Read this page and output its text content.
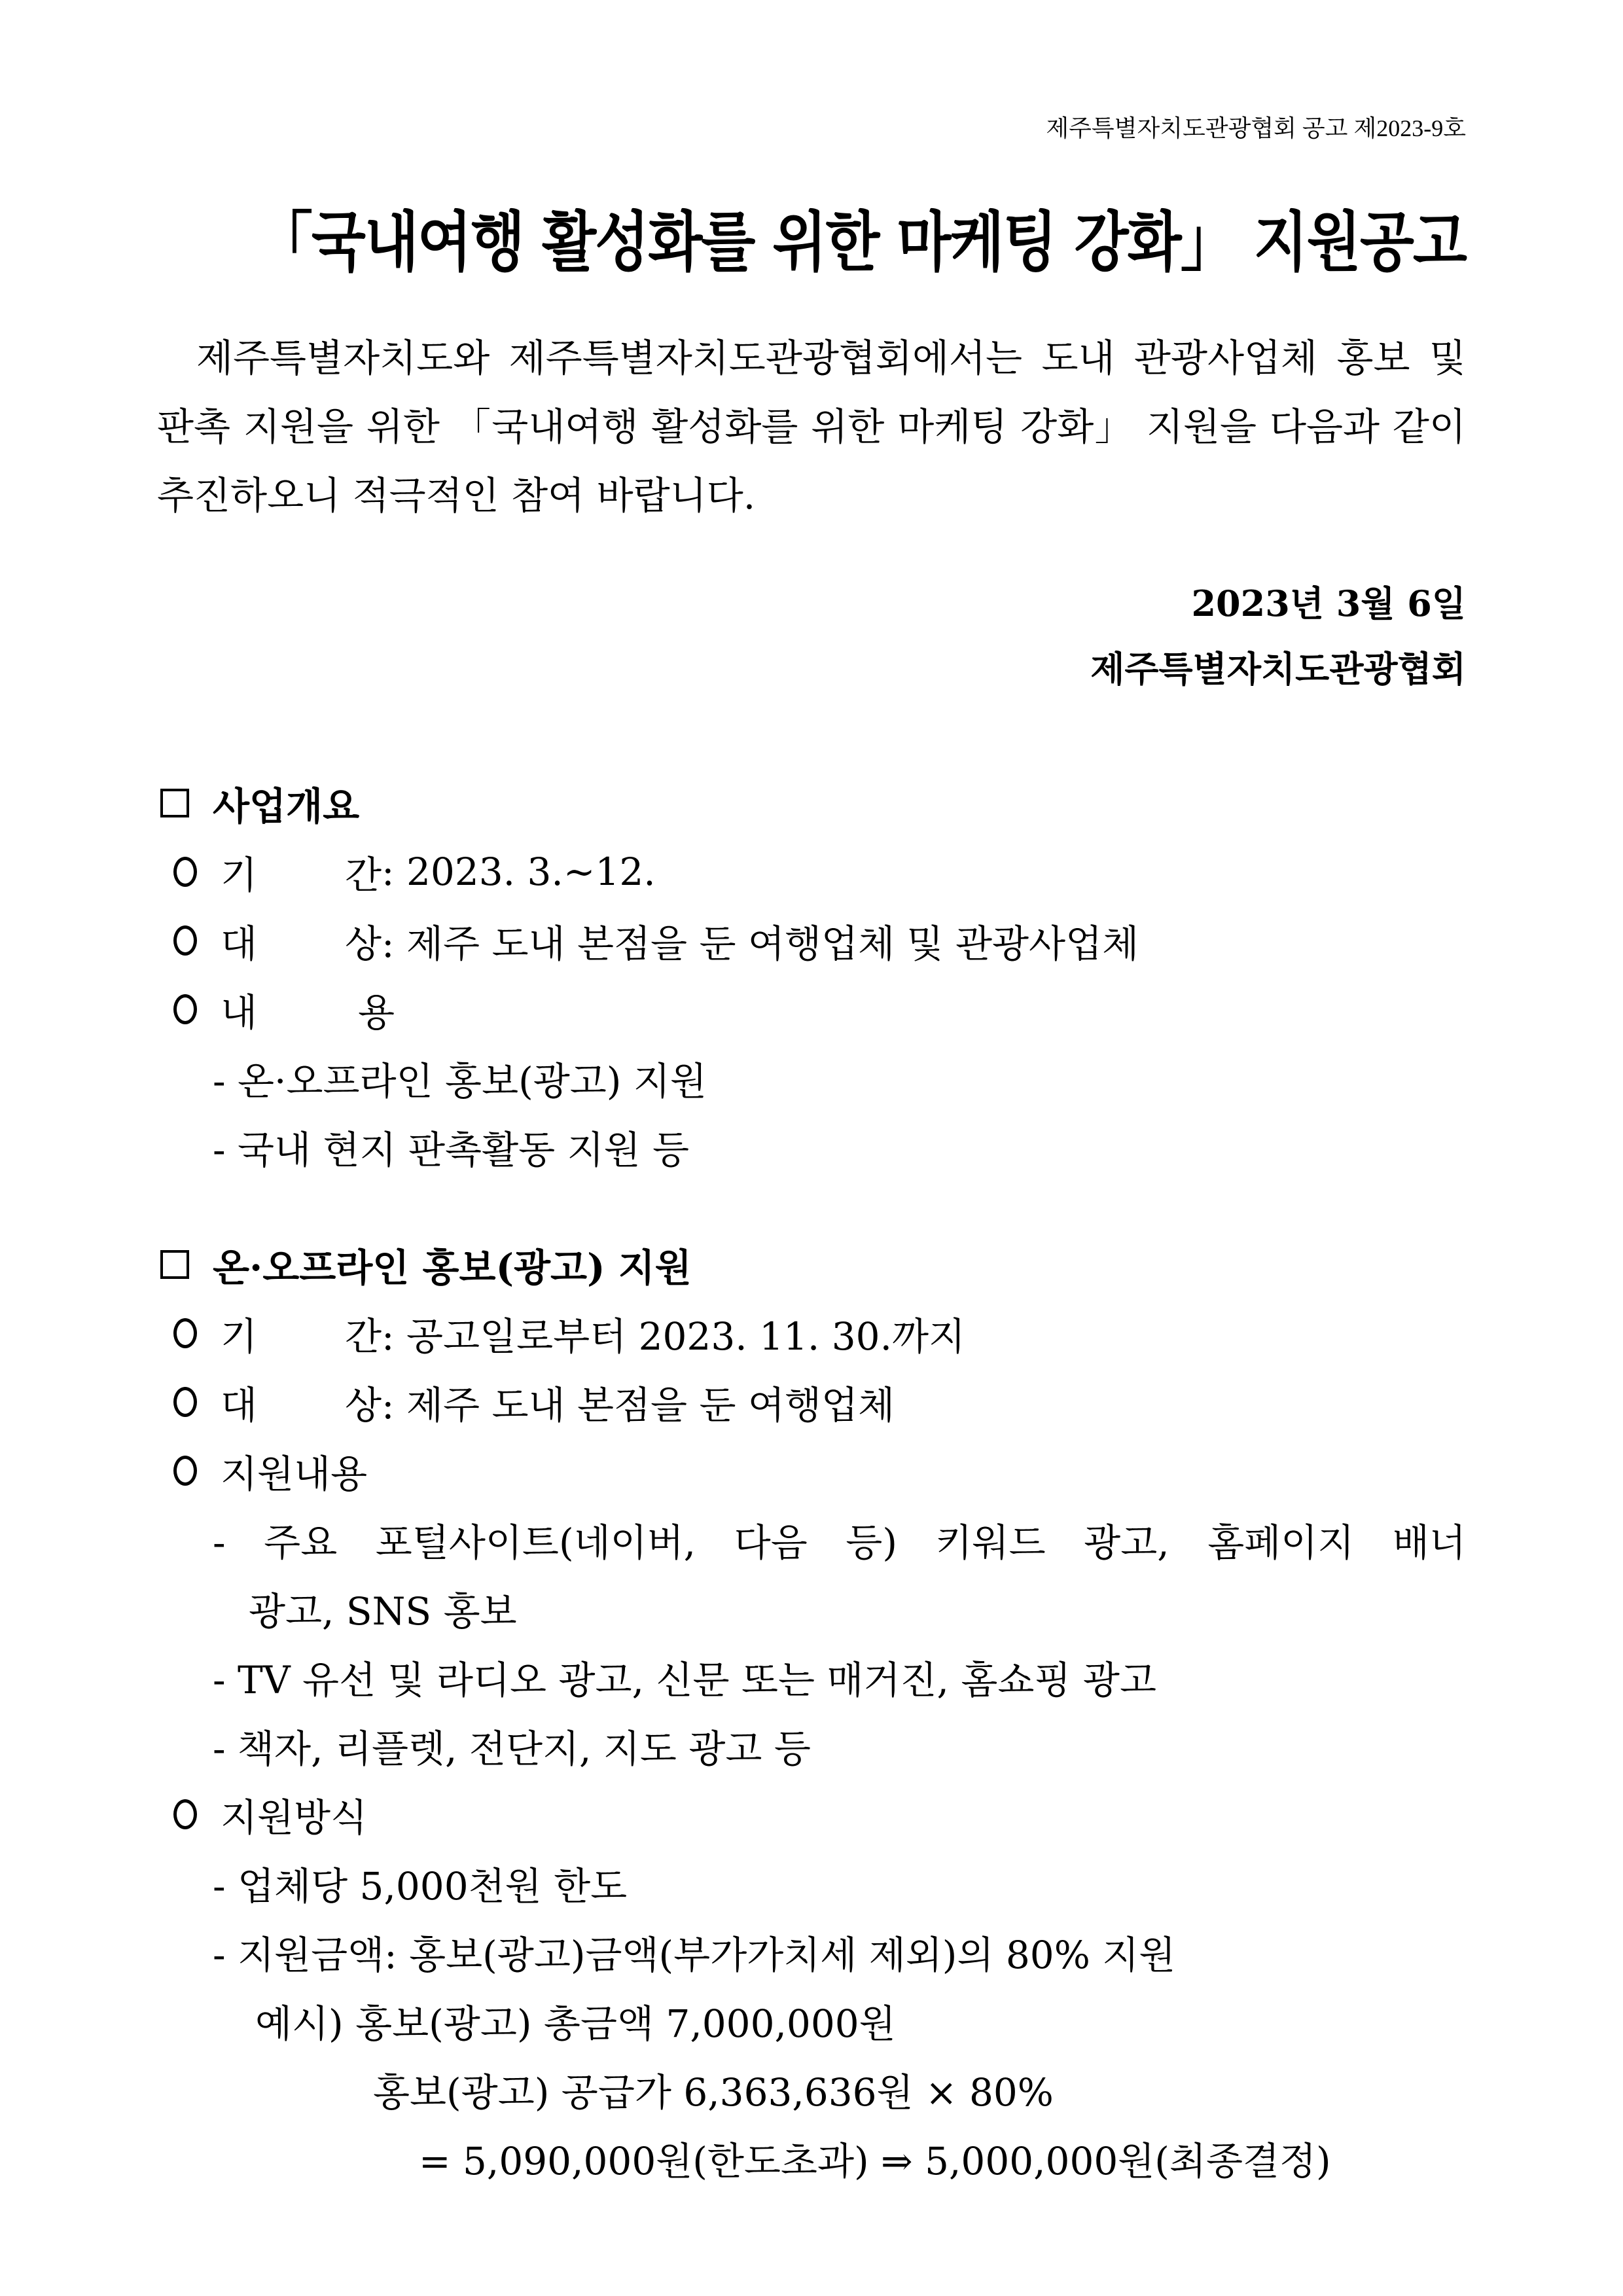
제주특별자치도관광협회 공고 제2023-9호
「국내여행 활성화를 위한 마케팅 강화」 지원공고

제주특별자치도와 제주특별자치도관광협회에서는 도내 관광사업체 홍보 및 판촉 지원을 위한 「국내여행 활성화를 위한 마케팅 강화」 지원을 다음과 같이 추진하오니 적극적인 참여 바랍니다.

2023년 3월 6일
제주특별자치도관광협회
사업개요
기	간 : 2023. 3.~12.
대	상 : 제주 도내 본점을 둔 여행업체 및 관광사업체
내	용
- 온·오프라인 홍보(광고) 지원
- 국내 현지 판촉활동 지원 등
온·오프라인 홍보(광고) 지원
기	간 : 공고일로부터 2023. 11. 30.까지
대	상 : 제주 도내 본점을 둔 여행업체
지원내용
- 주요 포털사이트(네이버, 다음 등) 키워드 광고, 홈페이지 배너
광고, SNS 홍보
- TV 유선 및 라디오 광고, 신문 또는 매거진, 홈쇼핑 광고
- 책자, 리플렛, 전단지, 지도 광고 등
지원방식
- 업체당 5,000천원 한도
- 지원금액: 홍보(광고)금액(부가가치세 제외)의 80% 지원
예시) 홍보(광고) 총금액 7,000,000원
홍보(광고) 공급가 6,363,636원 × 80%
= 5,090,000원(한도초과) ⇒ 5,000,000원(최종결정)
